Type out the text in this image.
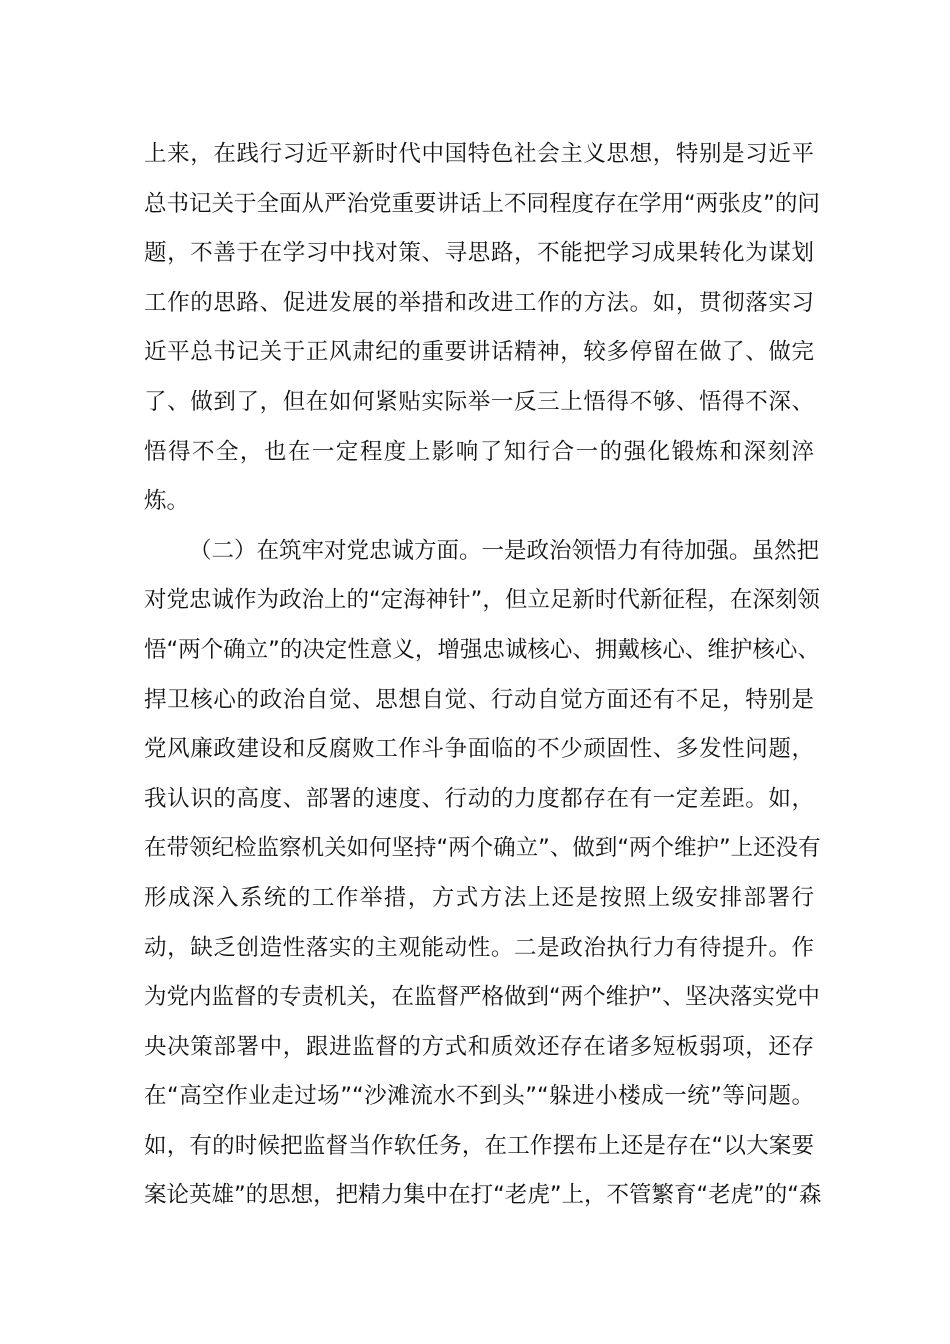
上来，在践行习近平新时代中国特色社会主义思想，特别是习近平
总书记关于全面从严治党重要讲话上不同程度存在学用“两张皮”的问
题，不善于在学习中找对策、寻思路，不能把学习成果转化为谋划
工作的思路、促进发展的举措和改进工作的方法。如，贯彻落实习
近平总书记关于正风肃纪的重要讲话精神，较多停留在做了、做完
了、做到了，但在如何紧贴实际举一反三上悟得不够、悟得不深、
悟得不全，也在一定程度上影响了知行合一的强化锻炼和深刻淬
炼。
（二）在筑牢对党忠诚方面。一是政治领悟力有待加强。虽然把
对党忠诚作为政治上的“定海神针”，但立足新时代新征程，在深刻领
悟“两个确立”的决定性意义，增强忠诚核心、拥戴核心、维护核心、
捍卫核心的政治自觉、思想自觉、行动自觉方面还有不足，特别是
党风廉政建设和反腐败工作斗争面临的不少顽固性、多发性问题，
我认识的高度、部署的速度、行动的力度都存在有一定差距。如，
在带领纪检监察机关如何坚持“两个确立”、做到“两个维护”上还没有
形成深入系统的工作举措，方式方法上还是按照上级安排部署行
动，缺乏创造性落实的主观能动性。二是政治执行力有待提升。作
为党内监督的专责机关，在监督严格做到“两个维护”、坚决落实党中
央决策部署中，跟进监督的方式和质效还存在诸多短板弱项，还存
在“高空作业走过场”“沙滩流水不到头”“躲进小楼成一统”等问题。
如，有的时候把监督当作软任务，在工作摆布上还是存在“以大案要
案论英雄”的思想，把精力集中在打“老虎”上，不管繁育“老虎”的“森
